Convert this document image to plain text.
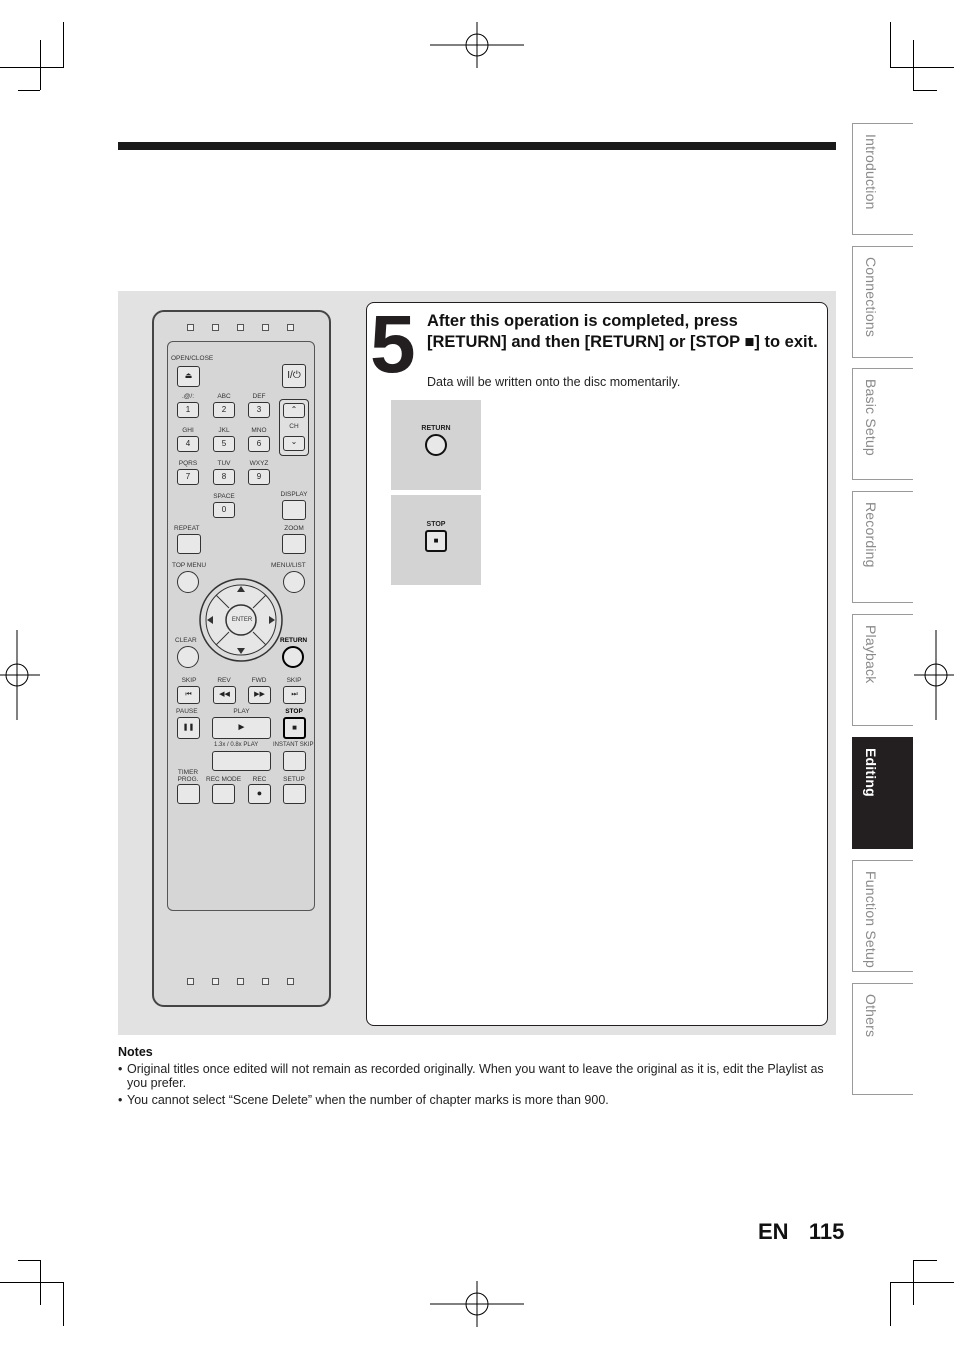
Introduction
Connections
Basic Setup
Recording
Playback
Editing
Function Setup
Others
OPEN/CLOSE
⏏	I/⏻
.@/:
1
ABC
2
DEF
3
GHI
4
JKL
5
MNO
6
PQRS
7
TUV
8
WXYZ
9
SPACE
0
⌃
CH
⌄
DISPLAY
REPEAT	ZOOM
TOP MENU	MENU/LIST
ENTER
CLEAR	RETURN
SKIP
⏮
REV
◀◀
FWD
▶▶
SKIP
⏭
PAUSE
❚❚
PLAY
►
STOP
■
1.3x / 0.8x PLAY INSTANT SKIP
TIMER PROG.	REC MODE	REC
●
SETUP
5 After this operation is completed, press [RETURN] and then [RETURN] or [STOP ■] to exit.
Data will be written onto the disc momentarily.
RETURN
STOP
■
Notes
• Original titles once edited will not remain as recorded originally. When you want to leave the original as it is, edit the Playlist as you prefer.
• You cannot select “Scene Delete” when the number of chapter marks is more than 900.
EN 115
